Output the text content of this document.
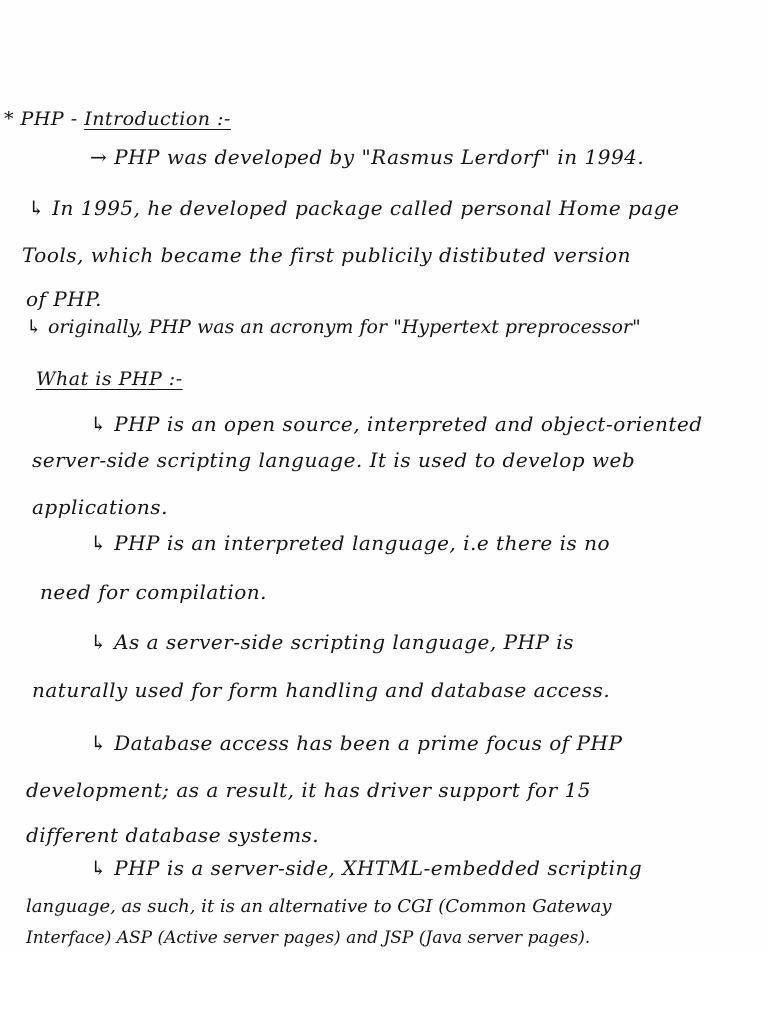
* PHP - Introduction :-
→ PHP was developed by "Rasmus Lerdorf" in 1994.
↳ In 1995, he developed package called personal Home page
Tools, which became the first publicily distibuted version
of PHP.
↳ originally, PHP was an acronym for "Hypertext preprocessor"
What is PHP :-
↳ PHP is an open source, interpreted and object-oriented
server-side scripting language. It is used to develop web
applications.
↳ PHP is an interpreted language, i.e there is no
need for compilation.
↳ As a server-side scripting language, PHP is
naturally used for form handling and database access.
↳ Database access has been a prime focus of PHP
development; as a result, it has driver support for 15
different database systems.
↳ PHP is a server-side, XHTML-embedded scripting
language, as such, it is an alternative to CGI (Common Gateway
Interface) ASP (Active server pages) and JSP (Java server pages).
